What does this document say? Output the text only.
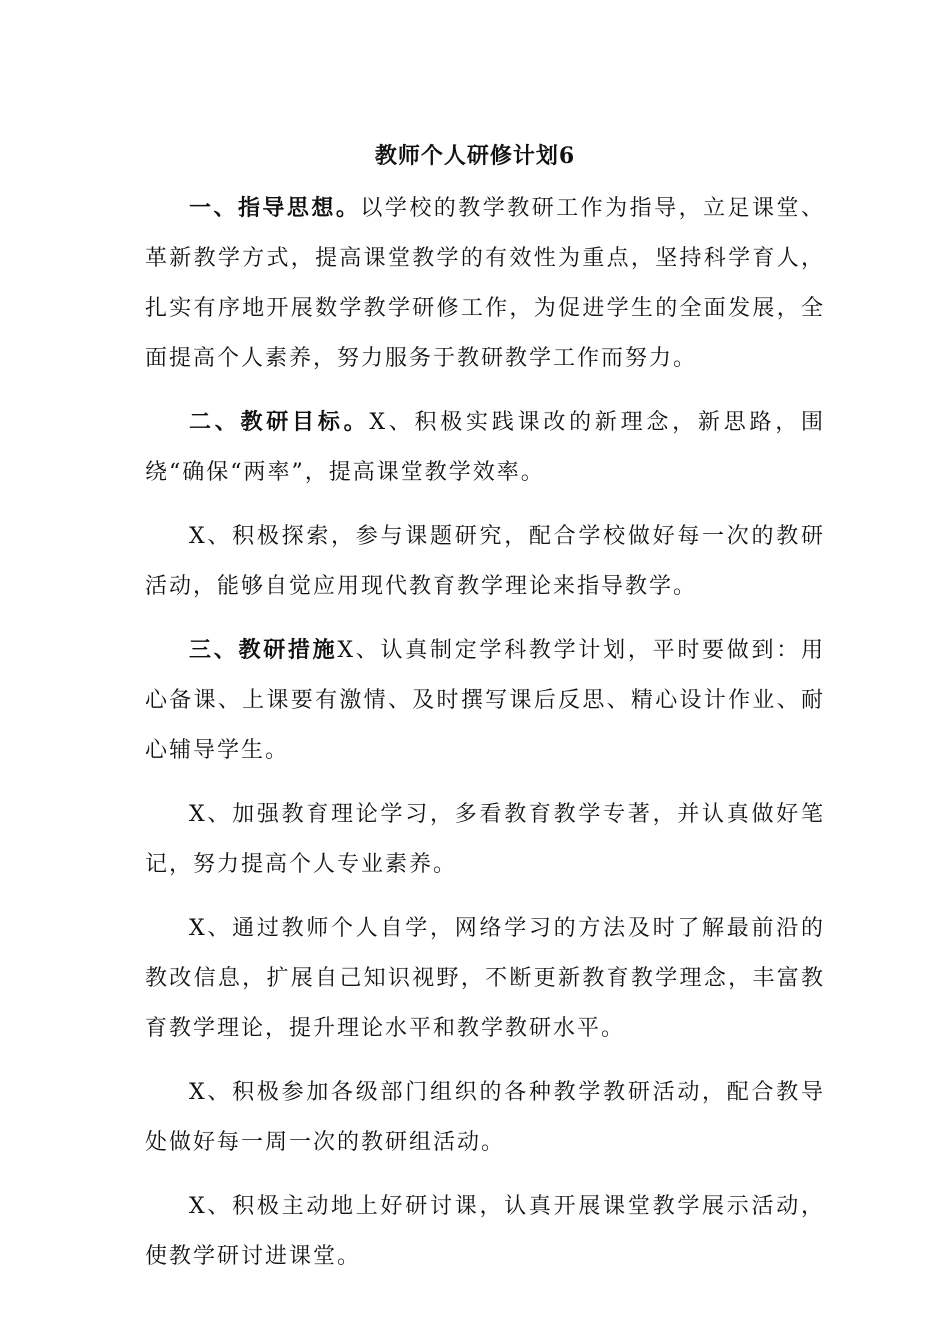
教师个人研修计划6

一、指导思想。以学校的教学教研工作为指导，立足课堂、革新教学方式，提高课堂教学的有效性为重点，坚持科学育人，扎实有序地开展数学教学研修工作，为促进学生的全面发展，全面提高个人素养，努力服务于教研教学工作而努力。

二、教研目标。X、积极实践课改的新理念，新思路，围绕“确保“两率”，提高课堂教学效率。

X、积极探索，参与课题研究，配合学校做好每一次的教研活动，能够自觉应用现代教育教学理论来指导教学。

三、教研措施X、认真制定学科教学计划，平时要做到：用心备课、上课要有激情、及时撰写课后反思、精心设计作业、耐心辅导学生。

X、加强教育理论学习，多看教育教学专著，并认真做好笔记，努力提高个人专业素养。

X、通过教师个人自学，网络学习的方法及时了解最前沿的教改信息，扩展自己知识视野，不断更新教育教学理念，丰富教育教学理论，提升理论水平和教学教研水平。

X、积极参加各级部门组织的各种教学教研活动，配合教导处做好每一周一次的教研组活动。

X、积极主动地上好研讨课，认真开展课堂教学展示活动，使教学研讨进课堂。
